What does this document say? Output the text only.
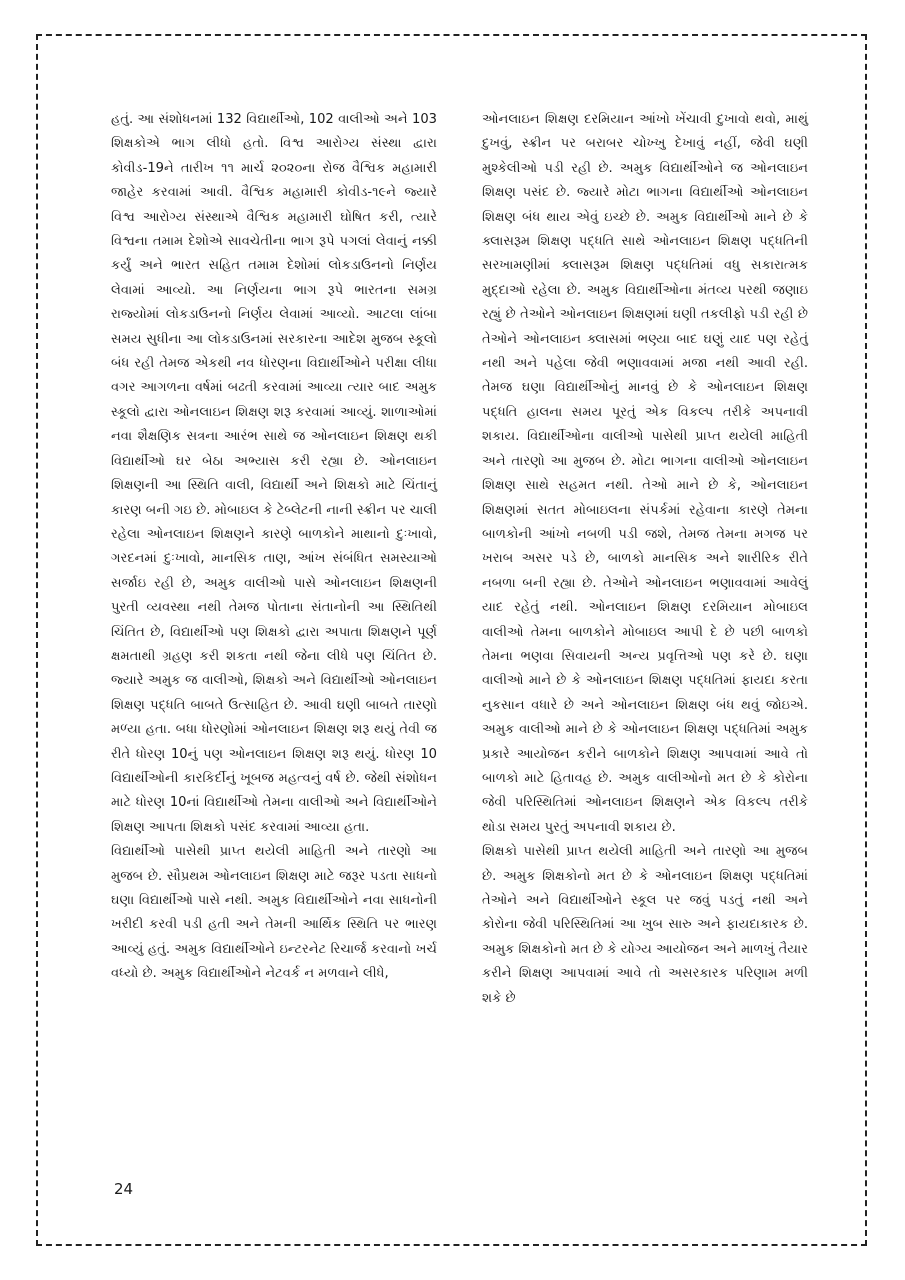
હતું. આ સંશોધનમાં 132 વિદ્યાર્થીઓ, 102 વાલીઓ અને 103 શિક્ષકોએ ભાગ લીધો હતો. વિશ્વ આરોગ્ય સંસ્થા દ્વારા કોવીડ-19ને તારીખ ૧૧ માર્ચ ૨૦૨૦ના રોજ વૈશ્વિક મહામારી જાહેર કરવામાં આવી. વૈશ્વિક મહામારી કોવીડ-૧૯ને જ્યારે વિશ્વ આરોગ્ય સંસ્થાએ વૈશ્વિક મહામારી ઘોષિત કરી, ત્યારે વિશ્વના તમામ દેશોએ સાવચેતીના ભાગ રૂપે પગલાં લેવાનું નક્કી કર્યું અને ભારત સહિત તમામ દેશોમાં લોકડાઉનનો નિર્ણય લેવામાં આવ્યો. આ નિર્ણયના ભાગ રૂપે ભારતના સમગ્ર રાજ્યોમાં લોકડાઉનનો નિર્ણય લેવામાં આવ્યો. આટલા લાંબા સમય સુધીના આ લોકડાઉનમાં સરકારના આદેશ મુજબ સ્કૂલો બંધ રહી તેમજ એકથી નવ ધોરણના વિદ્યાર્થીઓને પરીક્ષા લીધા વગર આગળના વર્ષમાં બઢતી કરવામાં આવ્યા ત્યાર બાદ અમુક સ્કૂલો દ્વારા ઓનલાઇન શિક્ષણ શરૂ કરવામાં આવ્યું. શાળાઓમાં નવા શૈક્ષણિક સત્રના આરંભ સાથે જ ઓનલાઇન શિક્ષણ થકી વિદ્યાર્થીઓ ઘર બેઠા અભ્યાસ કરી રહ્યા છે. ઓનલાઇન શિક્ષણની આ સ્થિતિ વાલી, વિદ્યાર્થી અને શિક્ષકો માટે ચિંતાનું કારણ બની ગઇ છે. મોબાઇલ કે ટેબ્લેટની નાની સ્ક્રીન પર ચાલી રહેલા ઓનલાઇન શિક્ષણને કારણે બાળકોને માથાનો દુઃખાવો, ગરદનમાં દુઃખાવો, માનસિક તાણ, આંખ સંબંધિત સમસ્યાઓ સર્જાઇ રહી છે, અમુક વાલીઓ પાસે ઓનલાઇન શિક્ષણની પુરતી વ્યવસ્થા નથી તેમજ પોતાના સંતાનોની આ સ્થિતિથી ચિંતિત છે, વિદ્યાર્થીઓ પણ શિક્ષકો દ્વારા અપાતા શિક્ષણને પૂર્ણ ક્ષમતાથી ગ્રહણ કરી શકતા નથી જેના લીધે પણ ચિંતિત છે. જ્યારે અમુક જ વાલીઓ, શિક્ષકો અને વિદ્યાર્થીઓ ઓનલાઇન શિક્ષણ પદ્ધતિ બાબતે ઉત્સાહિત છે. આવી ઘણી બાબતે તારણો મળ્યા હતા. બધા ધોરણોમાં ઓનલાઇન શિક્ષણ શરૂ થયું તેવી જ રીતે ધોરણ 10નું પણ ઓનલાઇન શિક્ષણ શરૂ થયું. ધોરણ 10 વિદ્યાર્થીઓની કારકિર્દીનું ખૂબજ મહત્વનું વર્ષ છે. જેથી સંશોધન માટે ધોરણ 10નાં વિદ્યાર્થીઓ તેમના વાલીઓ અને વિદ્યાર્થીઓને શિક્ષણ આપતા શિક્ષકો પસંદ કરવામાં આવ્યા હતા.

વિદ્યાર્થીઓ પાસેથી પ્રાપ્ત થયેલી માહિતી અને તારણો આ મુજબ છે. સૌપ્રથમ ઓનલાઇન શિક્ષણ માટે જરૂર પડતા સાધનો ઘણા વિદ્યાર્થીઓ પાસે નથી. અમુક વિદ્યાર્થીઓને નવા સાધનોની ખરીદી કરવી પડી હતી અને તેમની આર્થિક સ્થિતિ પર ભારણ આવ્યું હતું. અમુક વિદ્યાર્થીઓને ઇન્ટરનેટ રિચાર્જ કરવાનો ખર્ચ વધ્યો છે. અમુક વિદ્યાર્થીઓને નેટવર્ક ન મળવાને લીધે,

ઓનલાઇન શિક્ષણ દરમિયાન આંખો ખેંચાવી દુખાવો થવો, માથું દુખવું, સ્ક્રીન પર બરાબર ચોખ્ખુ દેખાવું નહીં, જેવી ઘણી મુશ્કેલીઓ પડી રહી છે. અમુક વિદ્યાર્થીઓને જ ઓનલાઇન શિક્ષણ પસંદ છે. જ્યારે મોટા ભાગના વિદ્યાર્થીઓ ઓનલાઇન શિક્ષણ બંધ થાય એવું ઇચ્છે છે. અમુક વિદ્યાર્થીઓ માને છે કે ક્લાસરૂમ શિક્ષણ પદ્ધતિ સાથે ઓનલાઇન શિક્ષણ પદ્ધતિની સરખામણીમાં ક્લાસરૂમ શિક્ષણ પદ્ધતિમાં વધુ સકારાત્મક મુદ્દાઓ રહેલા છે. અમુક વિદ્યાર્થીઓના મંતવ્ય પરથી જણાઇ રહ્યું છે તેઓને ઓનલાઇન શિક્ષણમાં ઘણી તકલીફો પડી રહી છે તેઓને ઓનલાઇન ક્લાસમાં ભણ્યા બાદ ઘણું યાદ પણ રહેતું નથી અને પહેલા જેવી ભણાવવામાં મજા નથી આવી રહી. તેમજ ઘણા વિદ્યાર્થીઓનું માનવું છે કે ઓનલાઇન શિક્ષણ પદ્ધતિ હાલના સમય પૂરતું એક વિકલ્પ તરીકે અપનાવી શકાય. વિદ્યાર્થીઓના વાલીઓ પાસેથી પ્રાપ્ત થયેલી માહિતી અને તારણો આ મુજબ છે. મોટા ભાગના વાલીઓ ઓનલાઇન શિક્ષણ સાથે સહમત નથી. તેઓ માને છે કે, ઓનલાઇન શિક્ષણમાં સતત મોબાઇલના સંપર્કમાં રહેવાના કારણે તેમના બાળકોની આંખો નબળી પડી જશે, તેમજ તેમના મગજ પર ખરાબ અસર પડે છે, બાળકો માનસિક અને શારીરિક રીતે નબળા બની રહ્યા છે. તેઓને ઓનલાઇન ભણાવવામાં આવેલું યાદ રહેતું નથી. ઓનલાઇન શિક્ષણ દરમિયાન મોબાઇલ વાલીઓ તેમના બાળકોને મોબાઇલ આપી દે છે પછી બાળકો તેમના ભણવા સિવાયની અન્ય પ્રવૃત્તિઓ પણ કરે છે. ઘણા વાલીઓ માને છે કે ઓનલાઇન શિક્ષણ પદ્ધતિમાં ફાયદા કરતા નુકસાન વધારે છે અને ઓનલાઇન શિક્ષણ બંધ થવું જોઇએ. અમુક વાલીઓ માને છે કે ઓનલાઇન શિક્ષણ પદ્ધતિમાં અમુક પ્રકારે આયોજન કરીને બાળકોને શિક્ષણ આપવામાં આવે તો બાળકો માટે હિતાવહ છે. અમુક વાલીઓનો મત છે કે કોરોના જેવી પરિસ્થિતિમાં ઓનલાઇન શિક્ષણને એક વિકલ્પ તરીકે થોડા સમય પુરતું અપનાવી શકાય છે.

શિક્ષકો પાસેથી પ્રાપ્ત થયેલી માહિતી અને તારણો આ મુજબ છે. અમુક શિક્ષકોનો મત છે કે ઓનલાઇન શિક્ષણ પદ્ધતિમાં તેઓને અને વિદ્યાર્થીઓને સ્કૂલ પર જવું પડતું નથી અને કોરોના જેવી પરિસ્થિતિમાં આ ખુબ સારુ અને ફાયદાકારક છે. અમુક શિક્ષકોનો મત છે કે યોગ્ય આયોજન અને માળખું તૈયાર કરીને શિક્ષણ આપવામાં આવે તો અસરકારક પરિણામ મળી શકે છે

24
